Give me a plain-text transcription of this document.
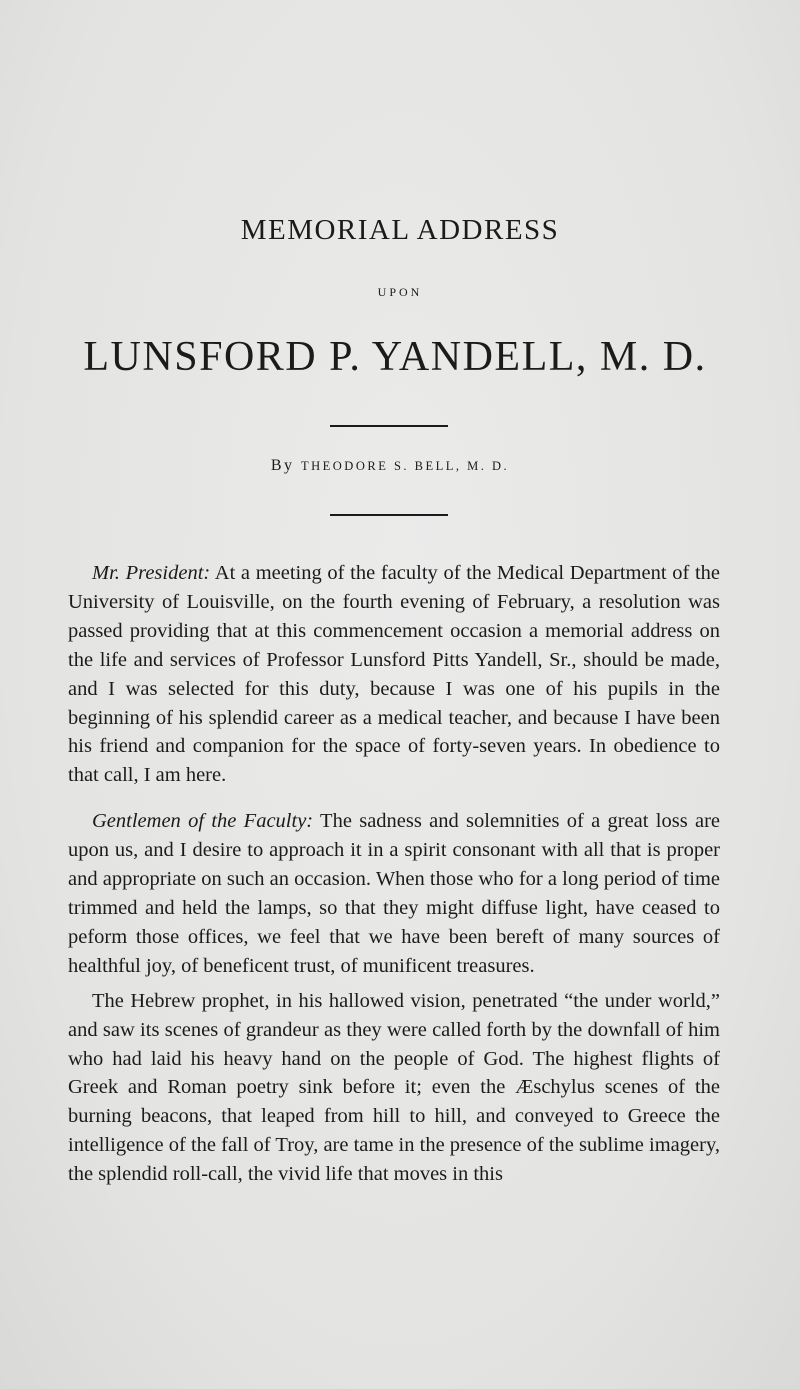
MEMORIAL ADDRESS
UPON
LUNSFORD P. YANDELL, M. D.
By THEODORE S. BELL, M. D.

Mr. President: At a meeting of the faculty of the Medical Department of the University of Louisville, on the fourth evening of February, a resolution was passed providing that at this commencement occasion a memorial address on the life and services of Professor Lunsford Pitts Yandell, Sr., should be made, and I was selected for this duty, because I was one of his pupils in the beginning of his splendid career as a medical teacher, and because I have been his friend and companion for the space of forty-seven years. In obedience to that call, I am here.

Gentlemen of the Faculty: The sadness and solemnities of a great loss are upon us, and I desire to approach it in a spirit consonant with all that is proper and appropriate on such an occasion. When those who for a long period of time trimmed and held the lamps, so that they might diffuse light, have ceased to peform those offices, we feel that we have been bereft of many sources of healthful joy, of beneficent trust, of munificent treasures.

The Hebrew prophet, in his hallowed vision, penetrated “the under world,” and saw its scenes of grandeur as they were called forth by the downfall of him who had laid his heavy hand on the people of God. The highest flights of Greek and Roman poetry sink before it; even the Æschylus scenes of the burning beacons, that leaped from hill to hill, and conveyed to Greece the intelligence of the fall of Troy, are tame in the presence of the sublime imagery, the splendid roll-call, the vivid life that moves in this
